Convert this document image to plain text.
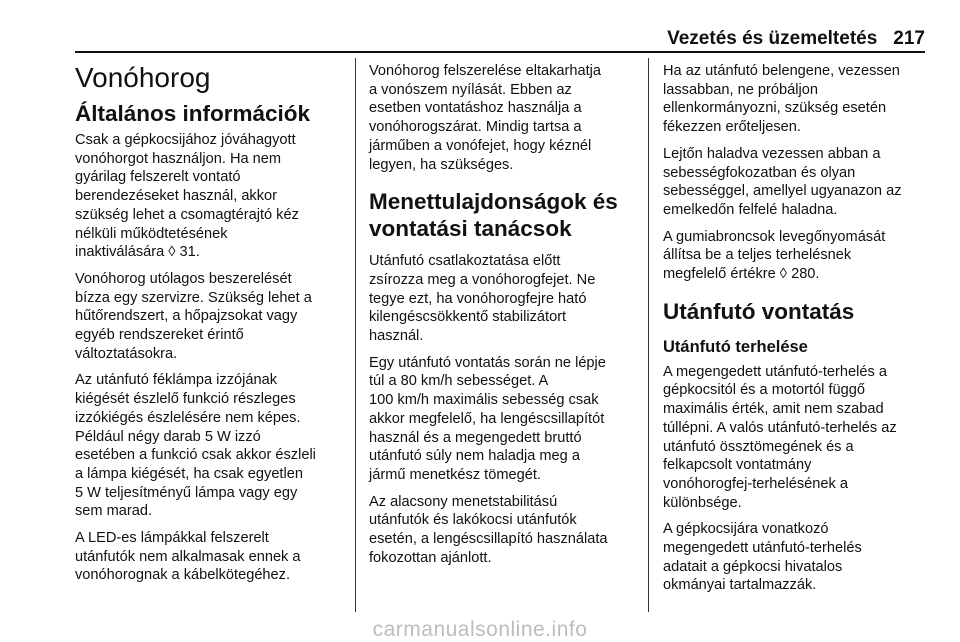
Vezetés és üzemeltetés 217
Vonóhorog
Általános információk

Csak a gépkocsijához jóváhagyott
vonóhorgot használjon. Ha nem
gyárilag felszerelt vontató
berendezéseket használ, akkor
szükség lehet a csomagtérajtó kéz
nélküli működtetésének
inaktiválására ◊ 31.

Vonóhorog utólagos beszerelését
bízza egy szervizre. Szükség lehet a
hűtőrendszert, a hőpajzsokat vagy
egyéb rendszereket érintő
változtatásokra.

Az utánfutó féklámpa izzójának
kiégését észlelő funkció részleges
izzókiégés észlelésére nem képes.
Például négy darab 5 W izzó
esetében a funkció csak akkor észleli
a lámpa kiégését, ha csak egyetlen
5 W teljesítményű lámpa vagy egy
sem marad.

A LED-es lámpákkal felszerelt
utánfutók nem alkalmasak ennek a
vonóhorognak a kábelkötegéhez.

Vonóhorog felszerelése eltakarhatja
a vonószem nyílását. Ebben az
esetben vontatáshoz használja a
vonóhorogszárat. Mindig tartsa a
járműben a vonófejet, hogy kéznél
legyen, ha szükséges.

Menettulajdonságok és
vontatási tanácsok

Utánfutó csatlakoztatása előtt
zsírozza meg a vonóhorogfejet. Ne
tegye ezt, ha vonóhorogfejre ható
kilengéscsökkentő stabilizátort
használ.

Egy utánfutó vontatás során ne lépje
túl a 80 km/h sebességet. A
100 km/h maximális sebesség csak
akkor megfelelő, ha lengéscsillapítót
használ és a megengedett bruttó
utánfutó súly nem haladja meg a
jármű menetkész tömegét.

Az alacsony menetstabilitású
utánfutók és lakókocsi utánfutók
esetén, a lengéscsillapító használata
fokozottan ajánlott.

Ha az utánfutó belengene, vezessen
lassabban, ne próbáljon
ellenkormányozni, szükség esetén
fékezzen erőteljesen.

Lejtőn haladva vezessen abban a
sebességfokozatban és olyan
sebességgel, amellyel ugyanazon az
emelkedőn felfelé haladna.

A gumiabroncsok levegőnyomását
állítsa be a teljes terhelésnek
megfelelő értékre ◊ 280.

Utánfutó vontatás
Utánfutó terhelése

A megengedett utánfutó-terhelés a
gépkocsitól és a motortól függő
maximális érték, amit nem szabad
túllépni. A valós utánfutó-terhelés az
utánfutó össztömegének és a
felkapcsolt vontatmány
vonóhorogfej-terhelésének a
különbsége.

A gépkocsijára vonatkozó
megengedett utánfutó-terhelés
adatait a gépkocsi hivatalos
okmányai tartalmazzák.

carmanualsonline.info
